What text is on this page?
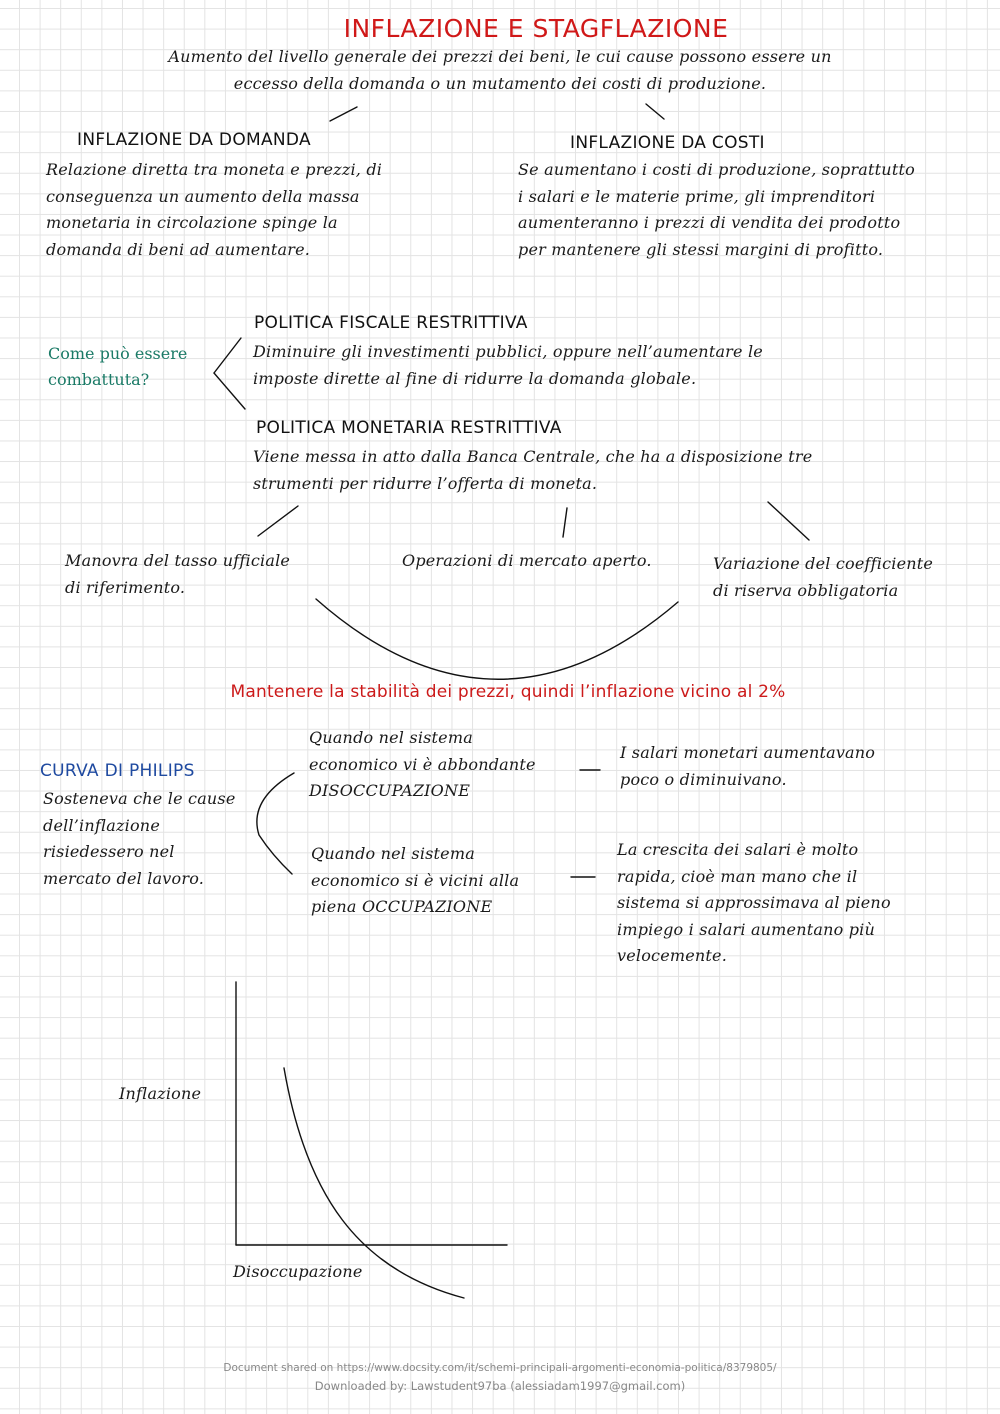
INFLAZIONE E STAGFLAZIONE
Aumento del livello generale dei prezzi dei beni, le cui cause possono essere un
eccesso della domanda o un mutamento dei costi di produzione.
INFLAZIONE DA DOMANDA
Relazione diretta tra moneta e prezzi, di
conseguenza un aumento della massa
monetaria in circolazione spinge la
domanda di beni ad aumentare.
INFLAZIONE DA COSTI
Se aumentano i costi di produzione, soprattutto
i salari e le materie prime, gli imprenditori
aumenteranno i prezzi di vendita dei prodotto
per mantenere gli stessi margini di profitto.
Come può essere
combattuta?
POLITICA FISCALE RESTRITTIVA
Diminuire gli investimenti pubblici, oppure nell’aumentare le
imposte dirette al fine di ridurre la domanda globale.
POLITICA MONETARIA RESTRITTIVA
Viene messa in atto dalla Banca Centrale, che ha a disposizione tre
strumenti per ridurre l’offerta di moneta.
Manovra del tasso ufficiale
di riferimento.
Operazioni di mercato aperto.	Variazione del coefficiente
di riserva obbligatoria
Mantenere la stabilità dei prezzi, quindi l’inflazione vicino al 2%
CURVA DI PHILIPS
Sosteneva che le cause
dell’inflazione
risiedessero nel
mercato del lavoro.
Quando nel sistema
economico vi è abbondante
DISOCCUPAZIONE
I salari monetari aumentavano
poco o diminuivano.
Quando nel sistema
economico si è vicini alla
piena OCCUPAZIONE
La crescita dei salari è molto
rapida, cioè man mano che il
sistema si approssimava al pieno
impiego i salari aumentano più
velocemente.
Inflazione
Disoccupazione
Document shared on https://www.docsity.com/it/schemi-principali-argomenti-economia-politica/8379805/
Downloaded by: Lawstudent97ba (alessiadam1997@gmail.com)
